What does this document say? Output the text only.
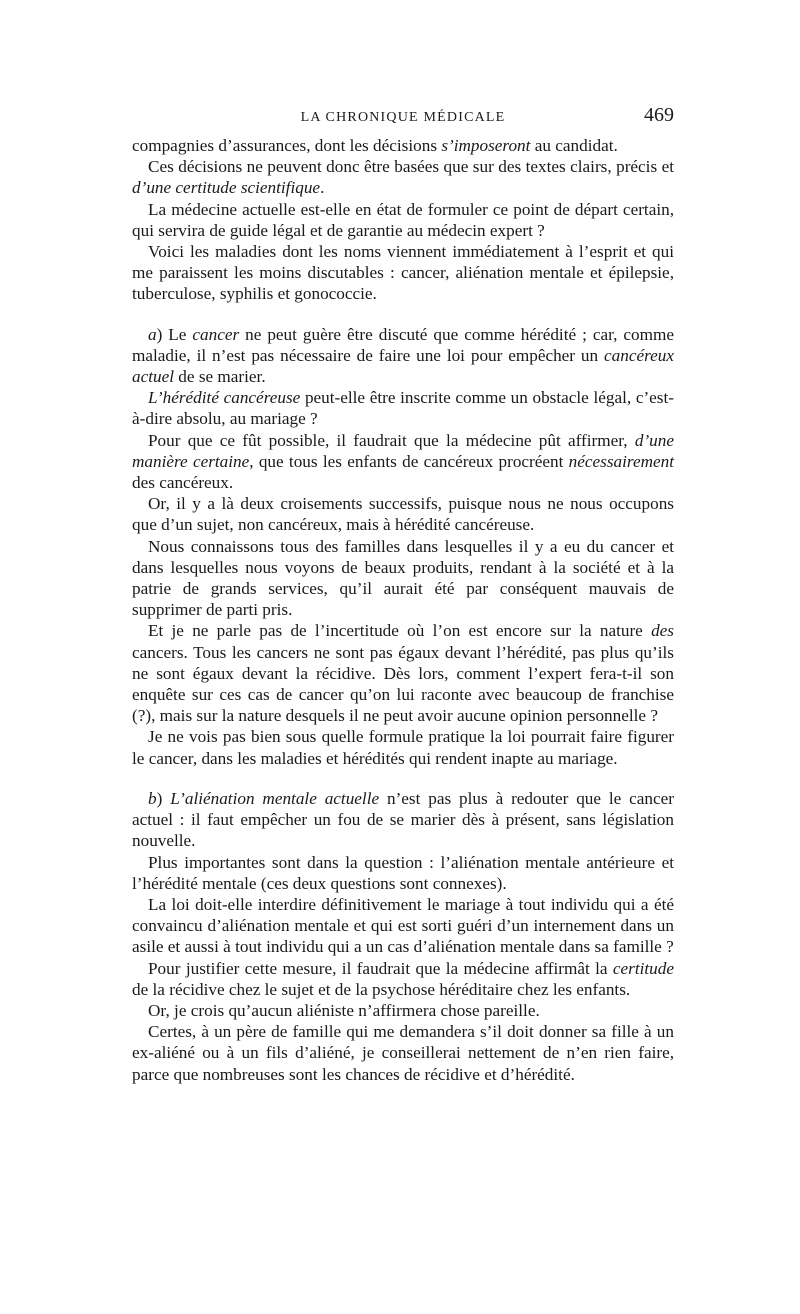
LA CHRONIQUE MÉDICALE	469

compagnies d’assurances, dont les décisions s’imposeront au candidat.

Ces décisions ne peuvent donc être basées que sur des textes clairs, précis et d’une certitude scientifique.

La médecine actuelle est-elle en état de formuler ce point de départ certain, qui servira de guide légal et de garantie au médecin expert ?

Voici les maladies dont les noms viennent immédiatement à l’esprit et qui me paraissent les moins discutables : cancer, aliénation mentale et épilepsie, tuberculose, syphilis et gonococcie.

a) Le cancer ne peut guère être discuté que comme hérédité ; car, comme maladie, il n’est pas nécessaire de faire une loi pour empêcher un cancéreux actuel de se marier.

L’hérédité cancéreuse peut-elle être inscrite comme un obstacle légal, c’est-à-dire absolu, au mariage ?

Pour que ce fût possible, il faudrait que la médecine pût affirmer, d’une manière certaine, que tous les enfants de cancéreux procréent nécessairement des cancéreux.

Or, il y a là deux croisements successifs, puisque nous ne nous occupons que d’un sujet, non cancéreux, mais à hérédité cancéreuse.

Nous connaissons tous des familles dans lesquelles il y a eu du cancer et dans lesquelles nous voyons de beaux produits, rendant à la société et à la patrie de grands services, qu’il aurait été par conséquent mauvais de supprimer de parti pris.

Et je ne parle pas de l’incertitude où l’on est encore sur la nature des cancers. Tous les cancers ne sont pas égaux devant l’hérédité, pas plus qu’ils ne sont égaux devant la récidive. Dès lors, comment l’expert fera-t-il son enquête sur ces cas de cancer qu’on lui raconte avec beaucoup de franchise (?), mais sur la nature desquels il ne peut avoir aucune opinion personnelle ?

Je ne vois pas bien sous quelle formule pratique la loi pourrait faire figurer le cancer, dans les maladies et hérédités qui rendent inapte au mariage.

b) L’aliénation mentale actuelle n’est pas plus à redouter que le cancer actuel : il faut empêcher un fou de se marier dès à présent, sans législation nouvelle.

Plus importantes sont dans la question : l’aliénation mentale antérieure et l’hérédité mentale (ces deux questions sont connexes).

La loi doit-elle interdire définitivement le mariage à tout individu qui a été convaincu d’aliénation mentale et qui est sorti guéri d’un internement dans un asile et aussi à tout individu qui a un cas d’aliénation mentale dans sa famille ?

Pour justifier cette mesure, il faudrait que la médecine affirmât la certitude de la récidive chez le sujet et de la psychose héréditaire chez les enfants.

Or, je crois qu’aucun aliéniste n’affirmera chose pareille.

Certes, à un père de famille qui me demandera s’il doit donner sa fille à un ex-aliéné ou à un fils d’aliéné, je conseillerai nettement de n’en rien faire, parce que nombreuses sont les chances de récidive et d’hérédité.
